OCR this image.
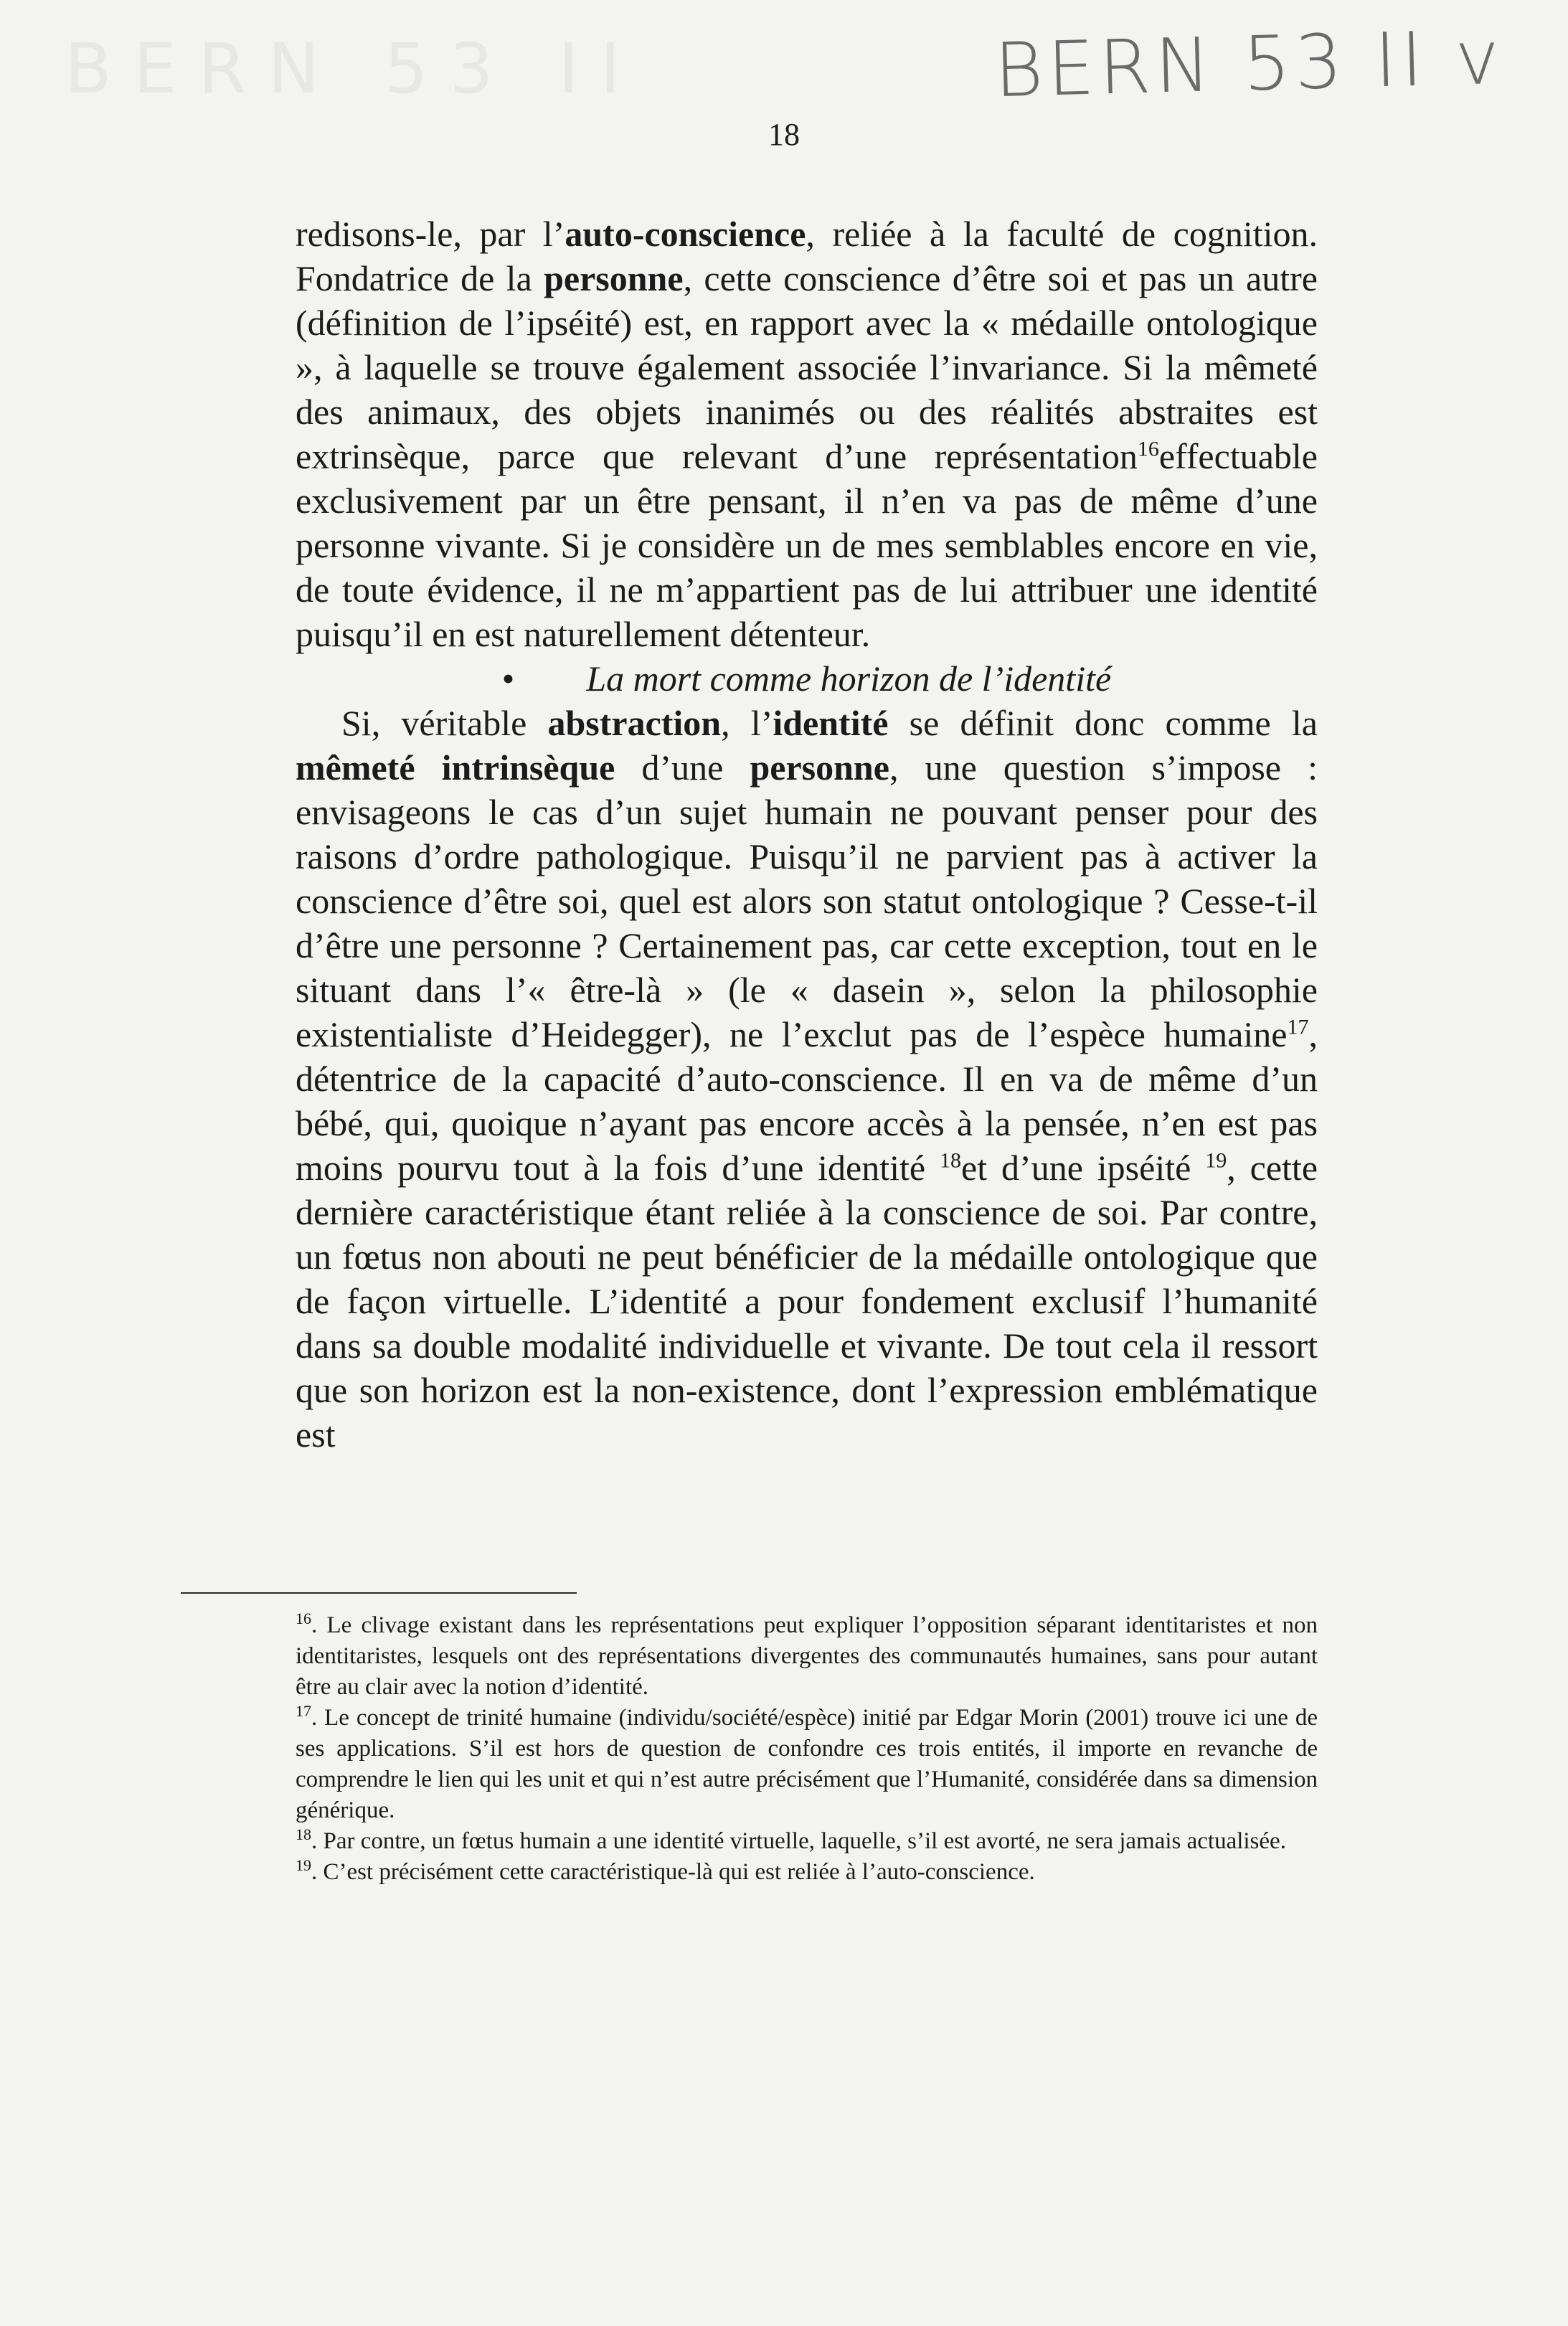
BERN 53 II	BERN 53 II v
18

redisons-le, par l’auto-conscience, reliée à la faculté de cognition. Fondatrice de la personne, cette conscience d’être soi et pas un autre (définition de l’ipséité) est, en rapport avec la « médaille ontologique », à laquelle se trouve également associée l’invariance. Si la mêmeté des animaux, des objets inanimés ou des réalités abstraites est extrinsèque, parce que relevant d’une représentation$^{16}$effectuable exclusivement par un être pensant, il n’en va pas de même d’une personne vivante. Si je considère un de mes semblables encore en vie, de toute évidence, il ne m’appartient pas de lui attribuer une identité puisqu’il en est naturellement détenteur.

• La mort comme horizon de l’identité

Si, véritable abstraction, l’identité se définit donc comme la mêmeté intrinsèque d’une personne, une question s’impose : envisageons le cas d’un sujet humain ne pouvant penser pour des raisons d’ordre pathologique. Puisqu’il ne parvient pas à activer la conscience d’être soi, quel est alors son statut ontologique ? Cesse-t-il d’être une personne ? Certainement pas, car cette exception, tout en le situant dans l’« être-là » (le « dasein », selon la philosophie existentialiste d’Heidegger), ne l’exclut pas de l’espèce humaine$^{17}$, détentrice de la capacité d’auto-conscience. Il en va de même d’un bébé, qui, quoique n’ayant pas encore accès à la pensée, n’en est pas moins pourvu tout à la fois d’une identité $^{18}$et d’une ipséité $^{19}$, cette dernière caractéristique étant reliée à la conscience de soi. Par contre, un fœtus non abouti ne peut bénéficier de la médaille ontologique que de façon virtuelle. L’identité a pour fondement exclusif l’humanité dans sa double modalité individuelle et vivante. De tout cela il ressort que son horizon est la non-existence, dont l’expression emblématique est

$^{16}$. Le clivage existant dans les représentations peut expliquer l’opposition séparant identitaristes et non identitaristes, lesquels ont des représentations divergentes des communautés humaines, sans pour autant être au clair avec la notion d’identité.

$^{17}$. Le concept de trinité humaine (individu/société/espèce) initié par Edgar Morin (2001) trouve ici une de ses applications. S’il est hors de question de confondre ces trois entités, il importe en revanche de comprendre le lien qui les unit et qui n’est autre précisément que l’Humanité, considérée dans sa dimension générique.

$^{18}$. Par contre, un fœtus humain a une identité virtuelle, laquelle, s’il est avorté, ne sera jamais actualisée.

$^{19}$. C’est précisément cette caractéristique-là qui est reliée à l’auto-conscience.
